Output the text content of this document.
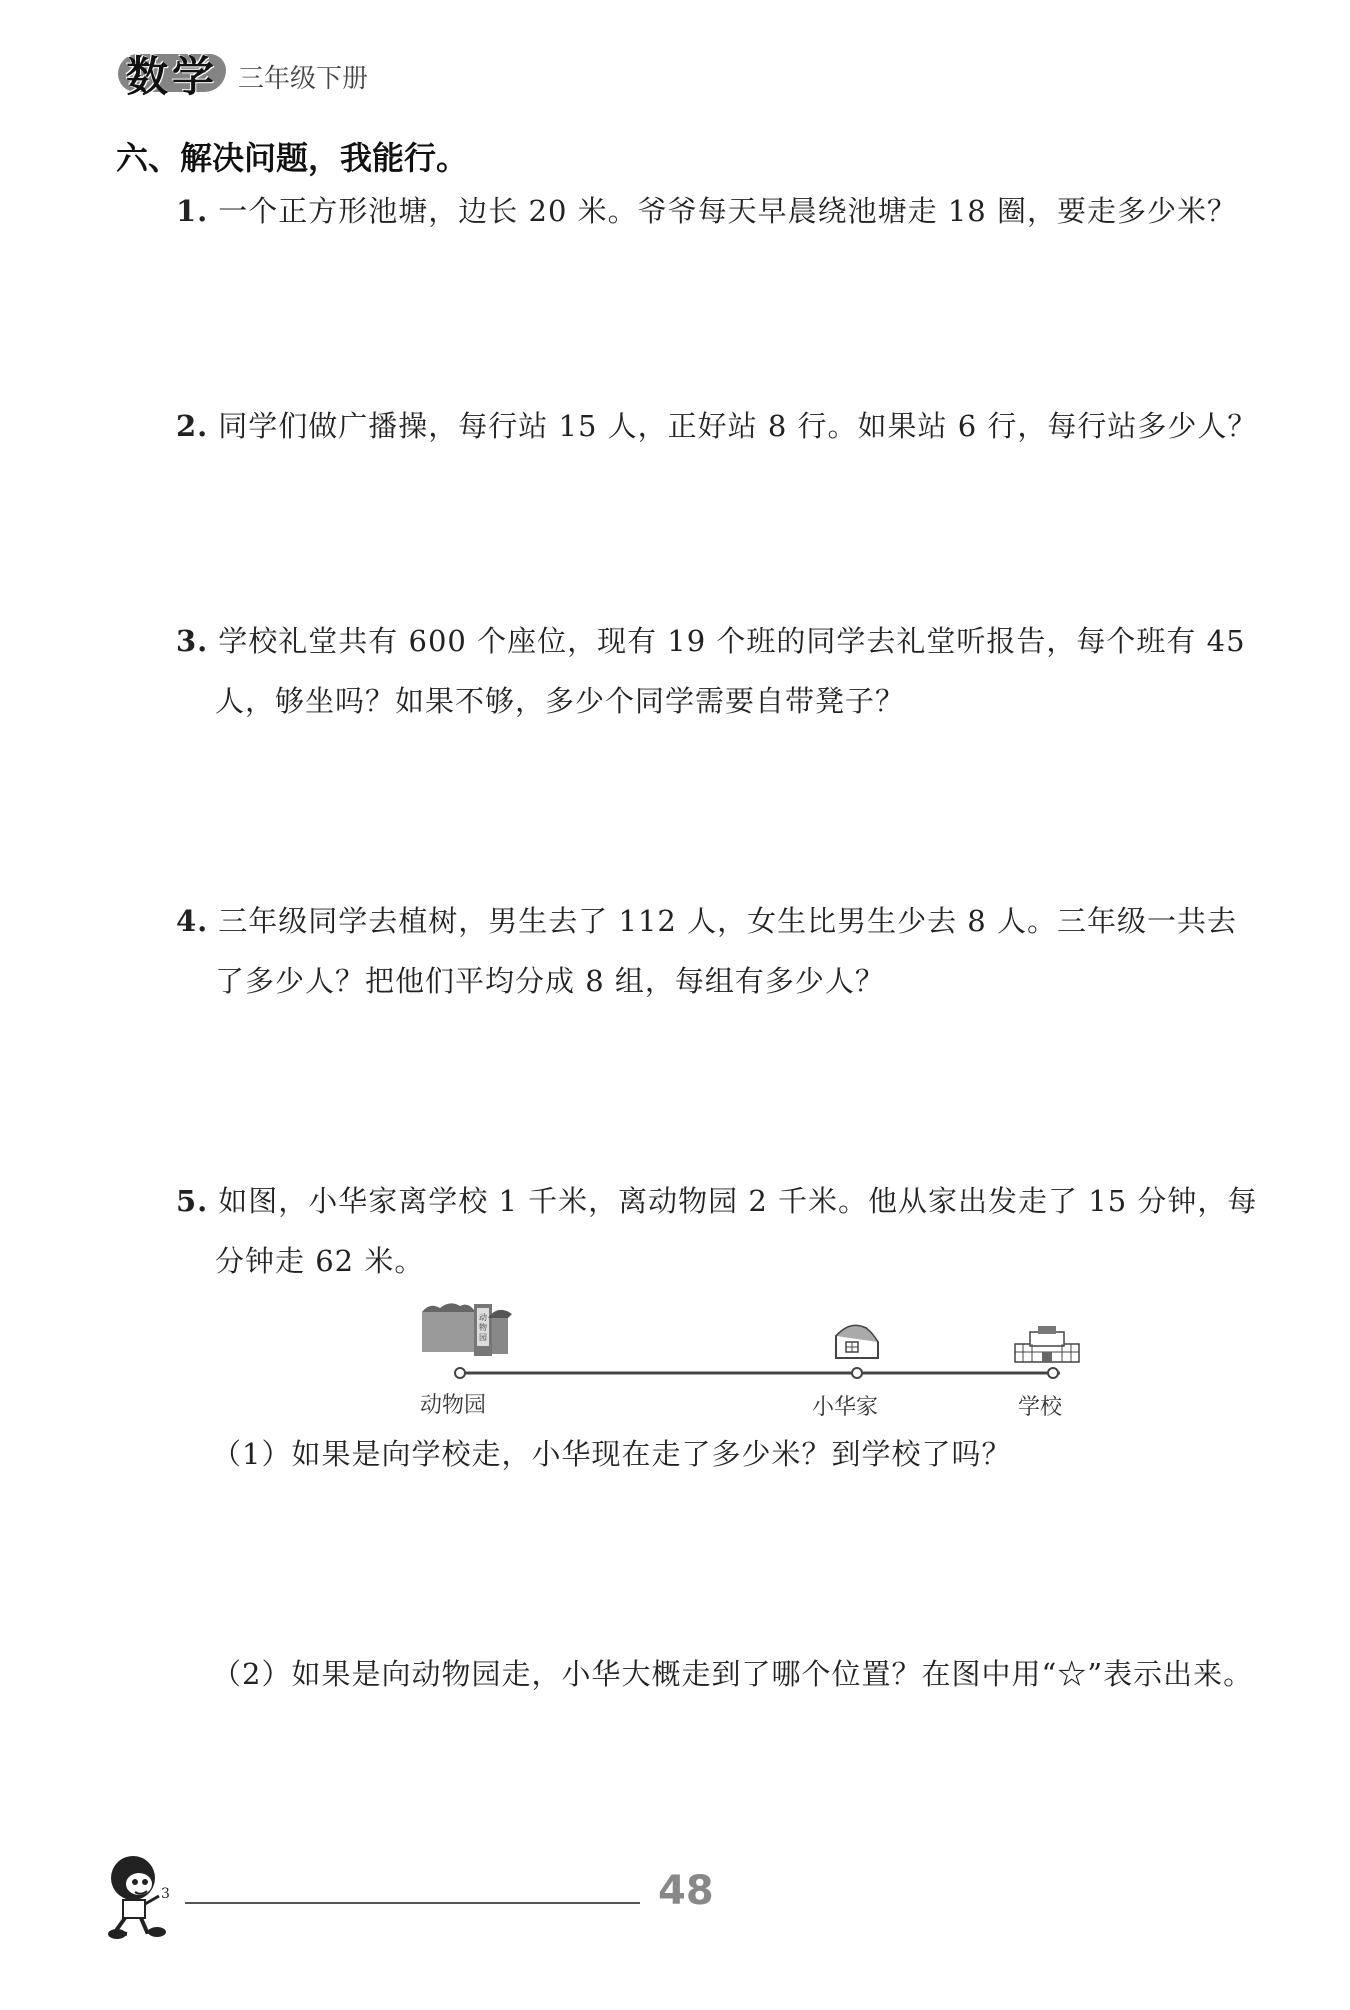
数学 三年级下册
六、解决问题，我能行。
1. 一个正方形池塘，边长 20 米。爷爷每天早晨绕池塘走 18 圈，要走多少米？
2. 同学们做广播操，每行站 15 人，正好站 8 行。如果站 6 行，每行站多少人？
3. 学校礼堂共有 600 个座位，现有 19 个班的同学去礼堂听报告，每个班有 45
人，够坐吗？如果不够，多少个同学需要自带凳子？
4. 三年级同学去植树，男生去了 112 人，女生比男生少去 8 人。三年级一共去
了多少人？把他们平均分成 8 组，每组有多少人？
5. 如图，小华家离学校 1 千米，离动物园 2 千米。他从家出发走了 15 分钟，每
分钟走 62 米。
动
物
园
动物园	小华家	学校
（1）如果是向学校走，小华现在走了多少米？到学校了吗？
（2）如果是向动物园走，小华大概走到了哪个位置？在图中用“☆”表示出来。
3	48
